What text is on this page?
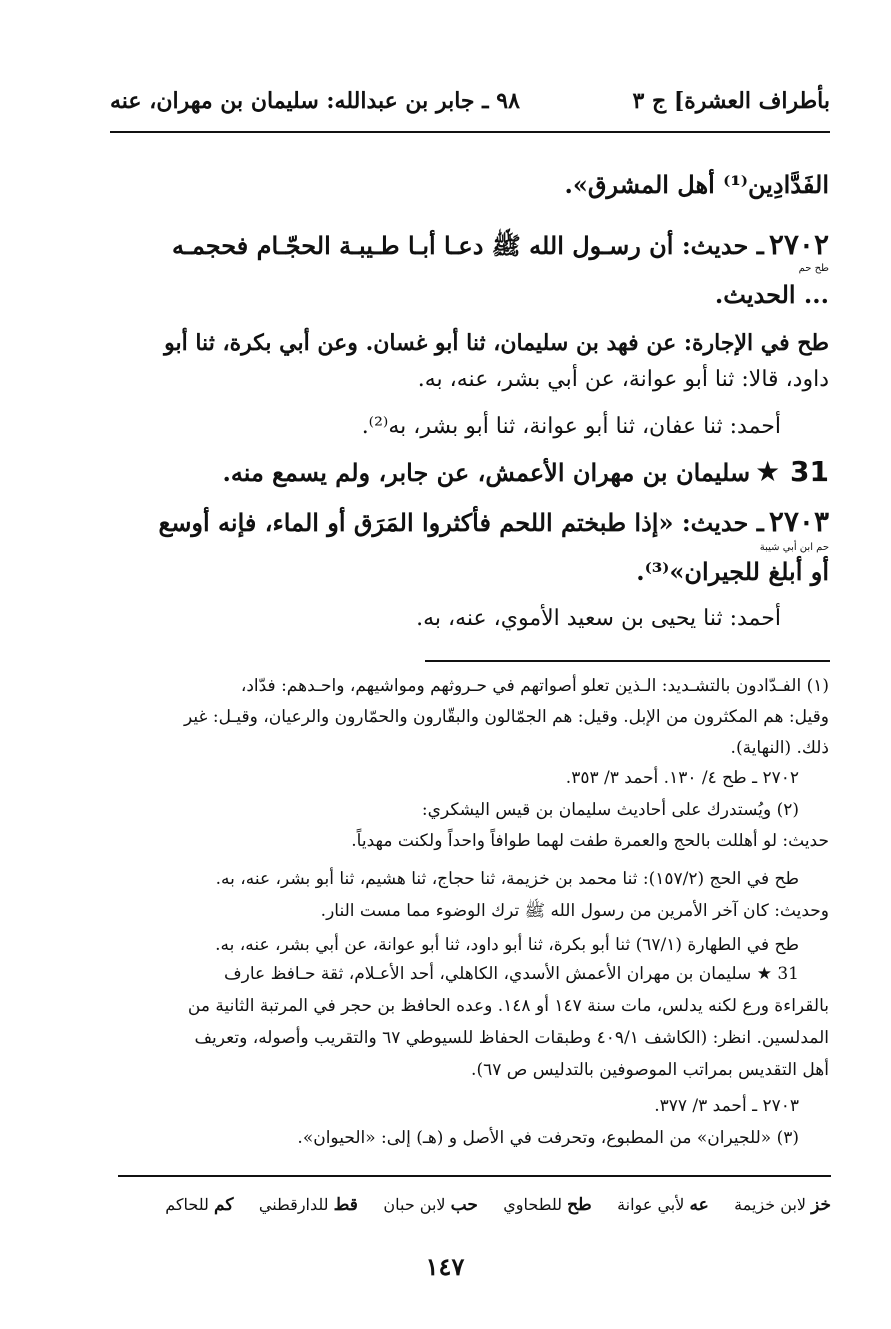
بأطراف العشرة] ج ٣
٩٨ ـ جابر بن عبدالله: سليمان بن مهران، عنه
الفَدَّادِين⁽¹⁾ أهل المشرق».
٢٧٠٢ ـ حديث: أن رسـول الله ﷺ دعـا أبـا طـيبـة الحجّـام فحجمـه
طح حم
... الحديث.
طح في الإجارة: عن فهد بن سليمان، ثنا أبو غسان. وعن أبي بكرة، ثنا أبو
داود، قالا: ثنا أبو عوانة، عن أبي بشر، عنه، به.
أحمد: ثنا عفان، ثنا أبو عوانة، ثنا أبو بشر، به⁽²⁾.
31 ★ سليمان بن مهران الأعمش، عن جابر، ولم يسمع منه.
٢٧٠٣ ـ حديث: «إذا طبختم اللحم فأكثروا المَرَق أو الماء، فإنه أوسع
حم ابن أبي شيبة
أو أبلغ للجيران»⁽³⁾.
أحمد: ثنا يحيى بن سعيد الأموي، عنه، به.
(١) الفـدّادون بالتشـديد: الـذين تعلو أصواتهم في حـروثهم ومواشيهم، واحـدهم: فدّاد،
وقيل: هم المكثرون من الإبل. وقيل: هم الجمّالون والبقّارون والحمّارون والرعيان، وقيـل: غير
ذلك. (النهاية).
٢٧٠٢ ـ طح ٤/ ١٣٠. أحمد ٣/ ٣٥٣.
(٢) ويُستدرك على أحاديث سليمان بن قيس اليشكري:
حديث: لو أهللت بالحج والعمرة طفت لهما طوافاً واحداً ولكنت مهدياً.
طح في الحج (١٥٧/٢): ثنا محمد بن خزيمة، ثنا حجاج، ثنا هشيم، ثنا أبو بشر، عنه، به.
وحديث: كان آخر الأمرين من رسول الله ﷺ ترك الوضوء مما مست النار.
طح في الطهارة (٦٧/١) ثنا أبو بكرة، ثنا أبو داود، ثنا أبو عوانة، عن أبي بشر، عنه، به.
31 ★ سليمان بن مهران الأعمش الأسدي، الكاهلي، أحد الأعـلام، ثقة حـافظ عارف
بالقراءة ورع لكنه يدلس، مات سنة ١٤٧ أو ١٤٨. وعده الحافظ بن حجر في المرتبة الثانية من
المدلسين. انظر: (الكاشف ٤٠٩/١ وطبقات الحفاظ للسيوطي ٦٧ والتقريب وأصوله، وتعريف
أهل التقديس بمراتب الموصوفين بالتدليس ص ٦٧).
٢٧٠٣ ـ أحمد ٣/ ٣٧٧.
(٣) «للجيران» من المطبوع، وتحرفت في الأصل و (هـ) إلى: «الحيوان».
خز لابن خزيمة     عه لأبي عوانة     طح للطحاوي     حب لابن حبان     قط للدارقطني     كم للحاكم
١٤٧
